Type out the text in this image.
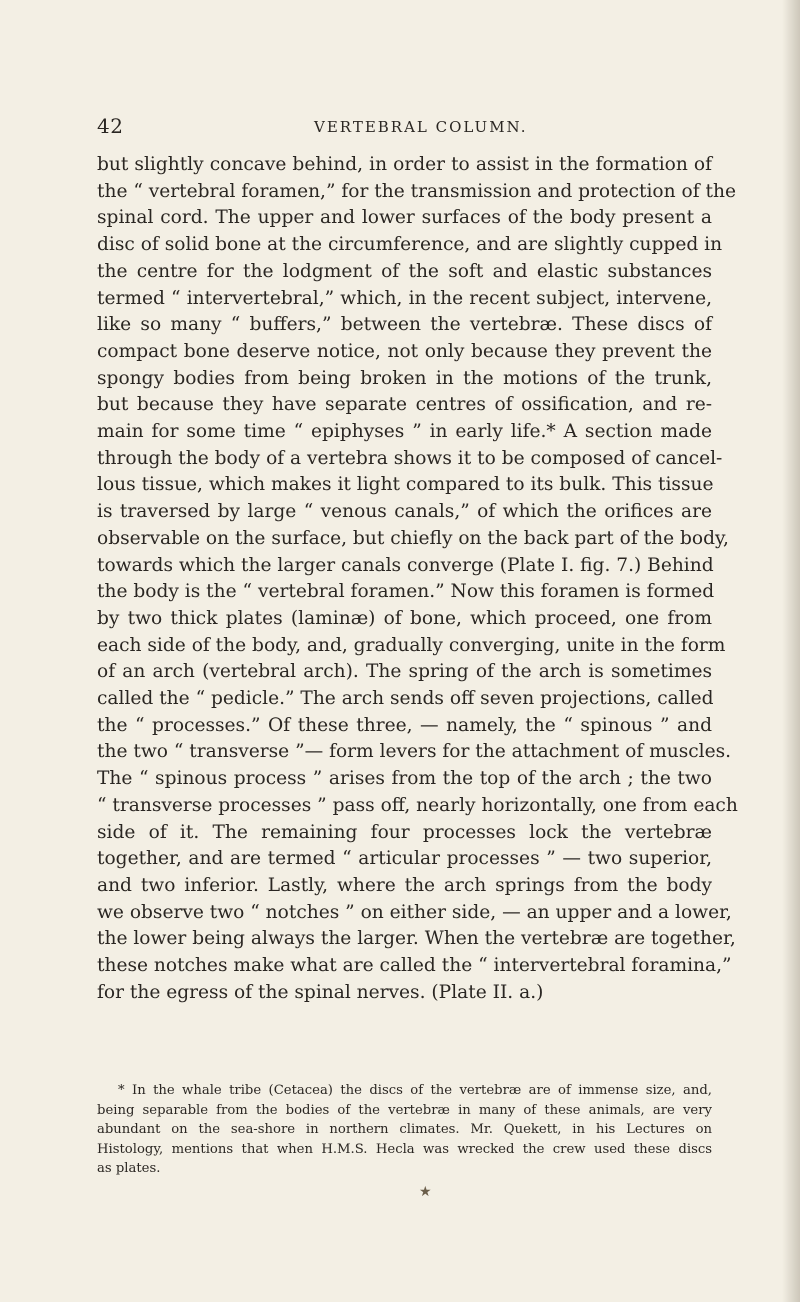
42	VERTEBRAL COLUMN.

but slightly concave behind, in order to assist in the formation of
the “ vertebral foramen,” for the transmission and protection of the
spinal cord. The upper and lower surfaces of the body present a
disc of solid bone at the circumference, and are slightly cupped in
the centre for the lodgment of the soft and elastic substances
termed “ intervertebral,” which, in the recent subject, intervene,
like so many “ buffers,” between the vertebræ. These discs of
compact bone deserve notice, not only because they prevent the
spongy bodies from being broken in the motions of the trunk,
but because they have separate centres of ossification, and re-
main for some time “ epiphyses ” in early life.* A section made
through the body of a vertebra shows it to be composed of cancel-
lous tissue, which makes it light compared to its bulk. This tissue
is traversed by large “ venous canals,” of which the orifices are
observable on the surface, but chiefly on the back part of the body,
towards which the larger canals converge (Plate I. fig. 7.) Behind
the body is the “ vertebral foramen.” Now this foramen is formed
by two thick plates (laminæ) of bone, which proceed, one from
each side of the body, and, gradually converging, unite in the form
of an arch (vertebral arch). The spring of the arch is sometimes
called the “ pedicle.” The arch sends off seven projections, called
the “ processes.” Of these three, — namely, the “ spinous ” and
the two “ transverse ”— form levers for the attachment of muscles.
The “ spinous process ” arises from the top of the arch ; the two
“ transverse processes ” pass off, nearly horizontally, one from each
side of it. The remaining four processes lock the vertebræ
together, and are termed “ articular processes ” — two superior,
and two inferior. Lastly, where the arch springs from the body
we observe two “ notches ” on either side, — an upper and a lower,
the lower being always the larger. When the vertebræ are together,
these notches make what are called the “ intervertebral foramina,”
for the egress of the spinal nerves. (Plate II. a.)

* In the whale tribe (Cetacea) the discs of the vertebræ are of immense size, and,
being separable from the bodies of the vertebræ in many of these animals, are very
abundant on the sea-shore in northern climates. Mr. Quekett, in his Lectures on
Histology, mentions that when H.M.S. Hecla was wrecked the crew used these discs
as plates.

★
